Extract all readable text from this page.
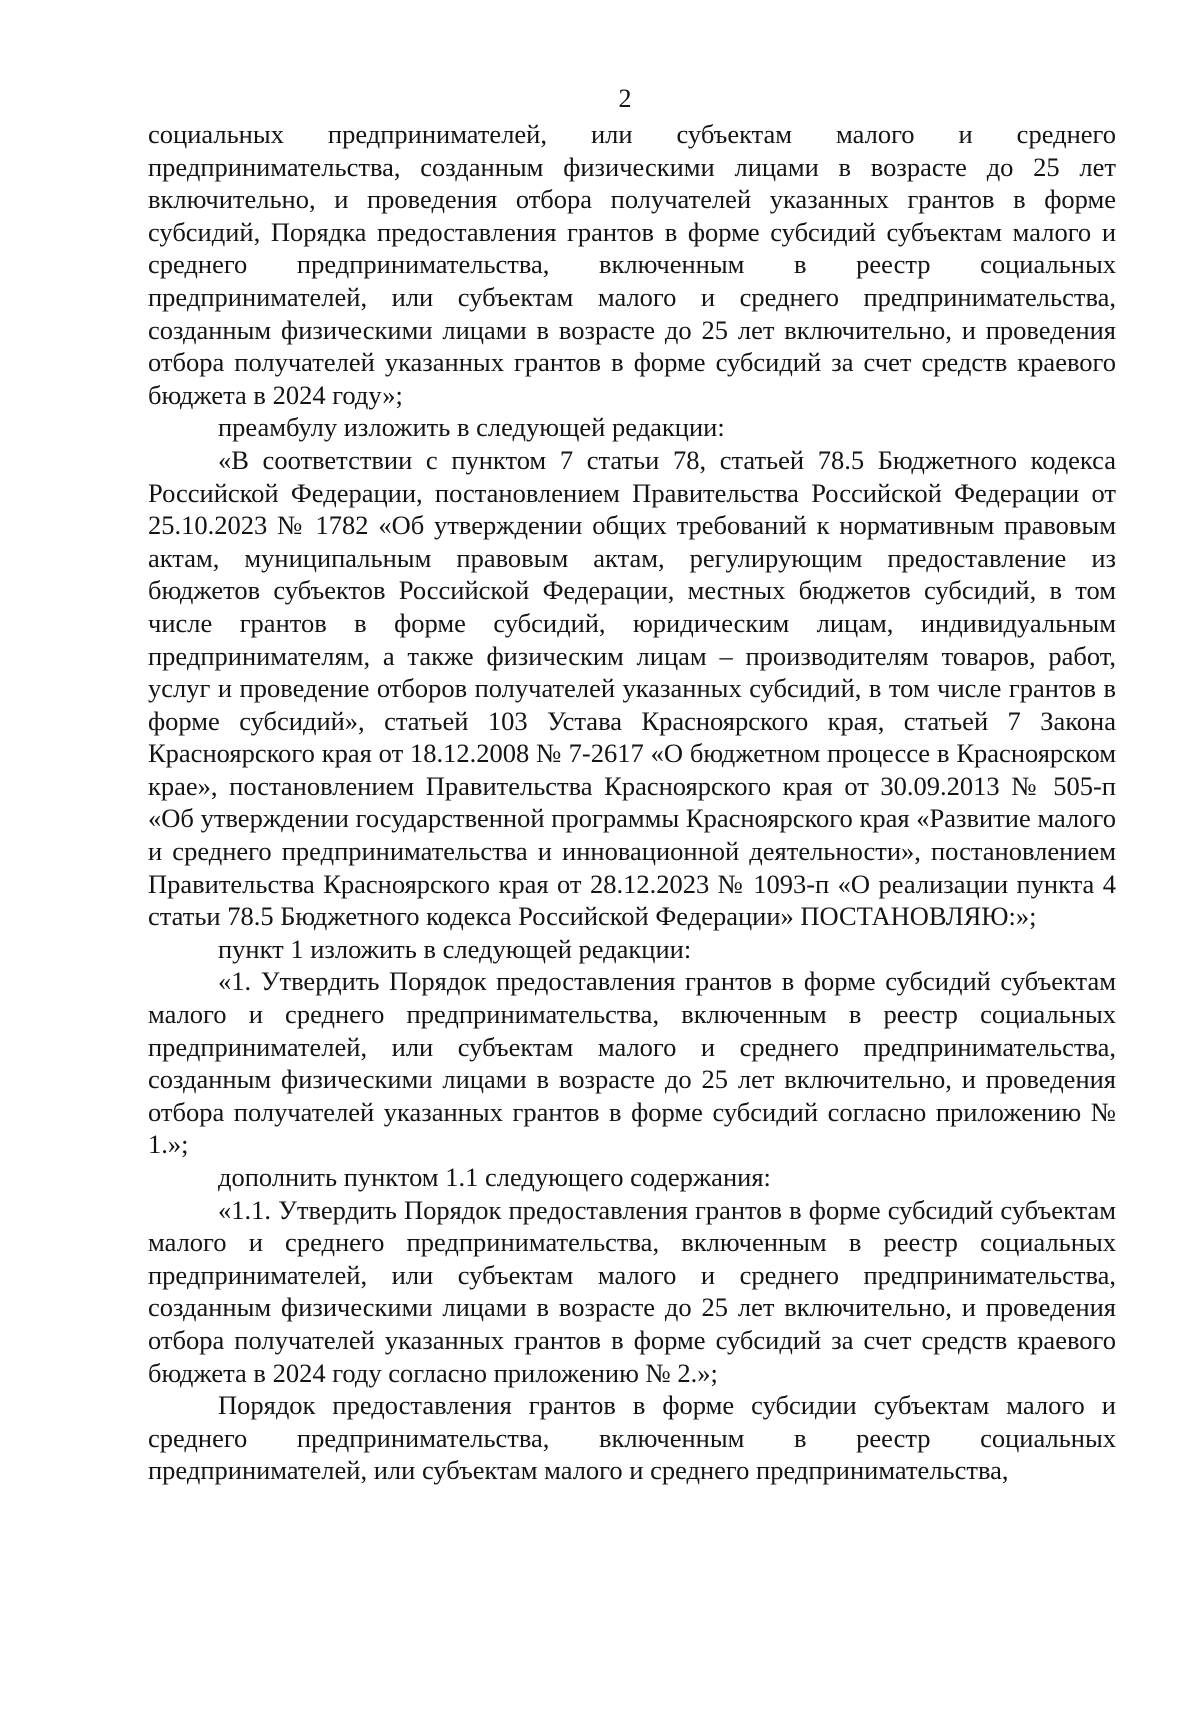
2

социальных предпринимателей, или субъектам малого и среднего предпринимательства, созданным физическими лицами в возрасте до 25 лет включительно, и проведения отбора получателей указанных грантов в форме субсидий, Порядка предоставления грантов в форме субсидий субъектам малого и среднего предпринимательства, включенным в реестр социальных предпринимателей, или субъектам малого и среднего предпринимательства, созданным физическими лицами в возрасте до 25 лет включительно, и проведения отбора получателей указанных грантов в форме субсидий за счет средств краевого бюджета в 2024 году»;

преамбулу изложить в следующей редакции:

«В соответствии с пунктом 7 статьи 78, статьей 78.5 Бюджетного кодекса Российской Федерации, постановлением Правительства Российской Федерации от 25.10.2023 № 1782 «Об утверждении общих требований к нормативным правовым актам, муниципальным правовым актам, регулирующим предоставление из бюджетов субъектов Российской Федерации, местных бюджетов субсидий, в том числе грантов в форме субсидий, юридическим лицам, индивидуальным предпринимателям, а также физическим лицам – производителям товаров, работ, услуг и проведение отборов получателей указанных субсидий, в том числе грантов в форме субсидий», статьей 103 Устава Красноярского края, статьей 7 Закона Красноярского края от 18.12.2008 № 7-2617 «О бюджетном процессе в Красноярском крае», постановлением Правительства Красноярского края от 30.09.2013 № 505-п «Об утверждении государственной программы Красноярского края «Развитие малого и среднего предпринимательства и инновационной деятельности», постановлением Правительства Красноярского края от 28.12.2023 № 1093-п «О реализации пункта 4 статьи 78.5 Бюджетного кодекса Российской Федерации» ПОСТАНОВЛЯЮ:»;

пункт 1 изложить в следующей редакции:

«1. Утвердить Порядок предоставления грантов в форме субсидий субъектам малого и среднего предпринимательства, включенным в реестр социальных предпринимателей, или субъектам малого и среднего предпринимательства, созданным физическими лицами в возрасте до 25 лет включительно, и проведения отбора получателей указанных грантов в форме субсидий согласно приложению № 1.»;

дополнить пунктом 1.1 следующего содержания:

«1.1. Утвердить Порядок предоставления грантов в форме субсидий субъектам малого и среднего предпринимательства, включенным в реестр социальных предпринимателей, или субъектам малого и среднего предпринимательства, созданным физическими лицами в возрасте до 25 лет включительно, и проведения отбора получателей указанных грантов в форме субсидий за счет средств краевого бюджета в 2024 году согласно приложению № 2.»;

Порядок предоставления грантов в форме субсидии субъектам малого и среднего предпринимательства, включенным в реестр социальных предпринимателей, или субъектам малого и среднего предпринимательства,
